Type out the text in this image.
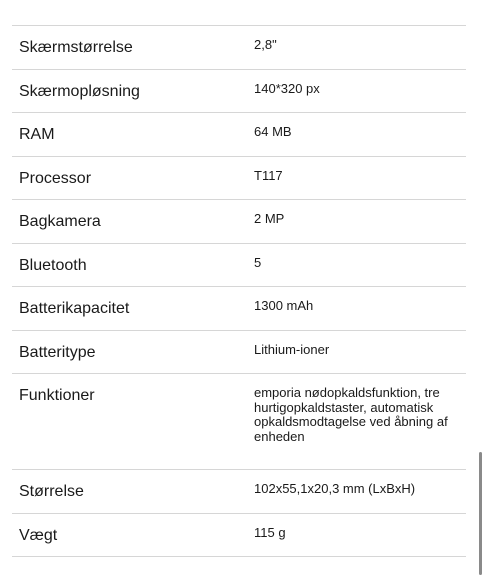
Skærmstørrelse	2,8"
Skærmopløsning	140*320 px
RAM	64 MB
Processor	T117
Bagkamera	2 MP
Bluetooth	5
Batterikapacitet	1300 mAh
Batteritype	Lithium-ioner
Funktioner	emporia nødopkaldsfunktion, tre hurtigopkaldstaster, automatisk opkaldsmodtagelse ved åbning af enheden
Størrelse	102x55,1x20,3 mm (LxBxH)
Vægt	115 g
